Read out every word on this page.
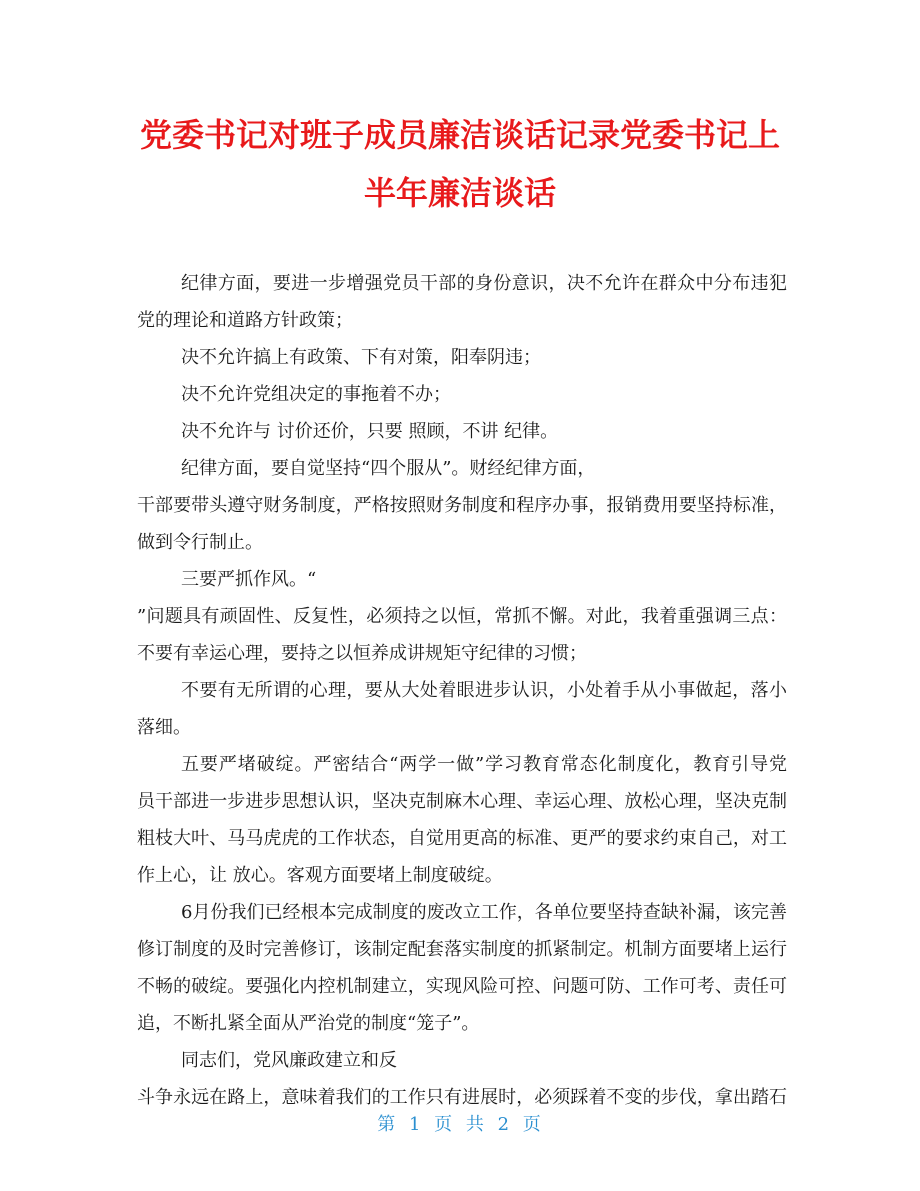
党委书记对班子成员廉洁谈话记录党委书记上
半年廉洁谈话

纪律方面，要进一步增强党员干部的身份意识，决不允许在群众中分布违犯

党的理论和道路方针政策；

决不允许搞上有政策、下有对策，阳奉阴违；

决不允许党组决定的事拖着不办；

决不允许与 讨价还价，只要 照顾，不讲 纪律。

纪律方面，要自觉坚持“四个服从”。财经纪律方面，

干部要带头遵守财务制度，严格按照财务制度和程序办事，报销费用要坚持标准，

做到令行制止。

三要严抓作风。“

”问题具有顽固性、反复性，必须持之以恒，常抓不懈。对此，我着重强调三点：

不要有幸运心理，要持之以恒养成讲规矩守纪律的习惯；

不要有无所谓的心理，要从大处着眼进步认识，小处着手从小事做起，落小

落细。

五要严堵破绽。严密结合“两学一做”学习教育常态化制度化，教育引导党

员干部进一步进步思想认识，坚决克制麻木心理、幸运心理、放松心理，坚决克制

粗枝大叶、马马虎虎的工作状态，自觉用更高的标准、更严的要求约束自己，对工

作上心，让 放心。客观方面要堵上制度破绽。

6月份我们已经根本完成制度的废改立工作，各单位要坚持查缺补漏，该完善

修订制度的及时完善修订，该制定配套落实制度的抓紧制定。机制方面要堵上运行

不畅的破绽。要强化内控机制建立，实现风险可控、问题可防、工作可考、责任可

追，不断扎紧全面从严治党的制度“笼子”。

同志们，党风廉政建立和反

斗争永远在路上，意味着我们的工作只有进展时，必须踩着不变的步伐，拿出踏石

第 1 页 共 2 页
